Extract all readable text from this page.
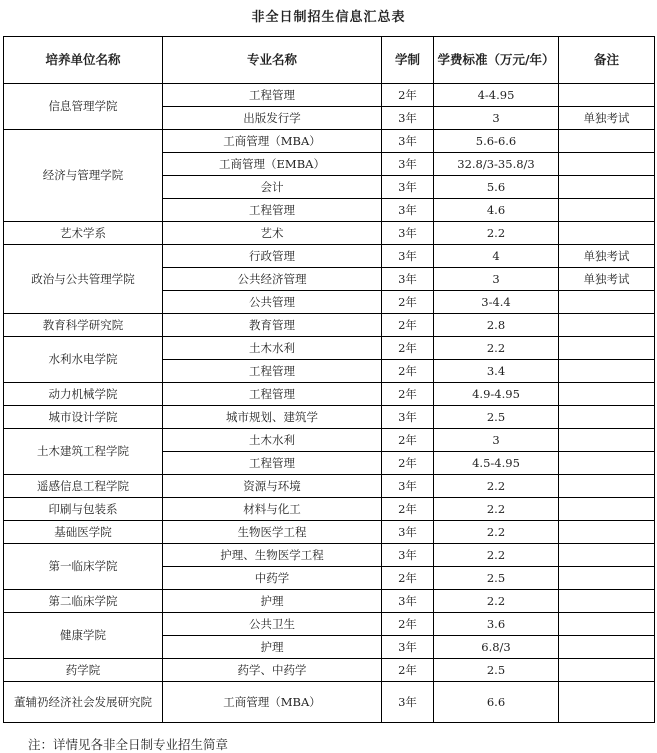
非全日制招生信息汇总表
培养单位名称	专业名称	学制	学费标准（万元/年）	备注
信息管理学院	工程管理	2年	4-4.95	
	出版发行学	3年	3	单独考试
经济与管理学院	工商管理（MBA）	3年	5.6-6.6	
	工商管理（EMBA）	3年	32.8/3-35.8/3	
	会计	3年	5.6	
	工程管理	3年	4.6	
艺术学系	艺术	3年	2.2	
政治与公共管理学院	行政管理	3年	4	单独考试
	公共经济管理	3年	3	单独考试
	公共管理	2年	3-4.4	
教育科学研究院	教育管理	2年	2.8	
水利水电学院	土木水利	2年	2.2	
	工程管理	2年	3.4	
动力机械学院	工程管理	2年	4.9-4.95	
城市设计学院	城市规划、建筑学	3年	2.5	
土木建筑工程学院	土木水利	2年	3	
	工程管理	2年	4.5-4.95	
遥感信息工程学院	资源与环境	3年	2.2	
印刷与包装系	材料与化工	2年	2.2	
基础医学院	生物医学工程	3年	2.2	
第一临床学院	护理、生物医学工程	3年	2.2	
	中药学	2年	2.5	
第二临床学院	护理	3年	2.2	
健康学院	公共卫生	2年	3.6	
	护理	3年	6.8/3	
药学院	药学、中药学	2年	2.5	
董辅礽经济社会发展研究院	工商管理（MBA）	3年	6.6	
注：详情见各非全日制专业招生简章
